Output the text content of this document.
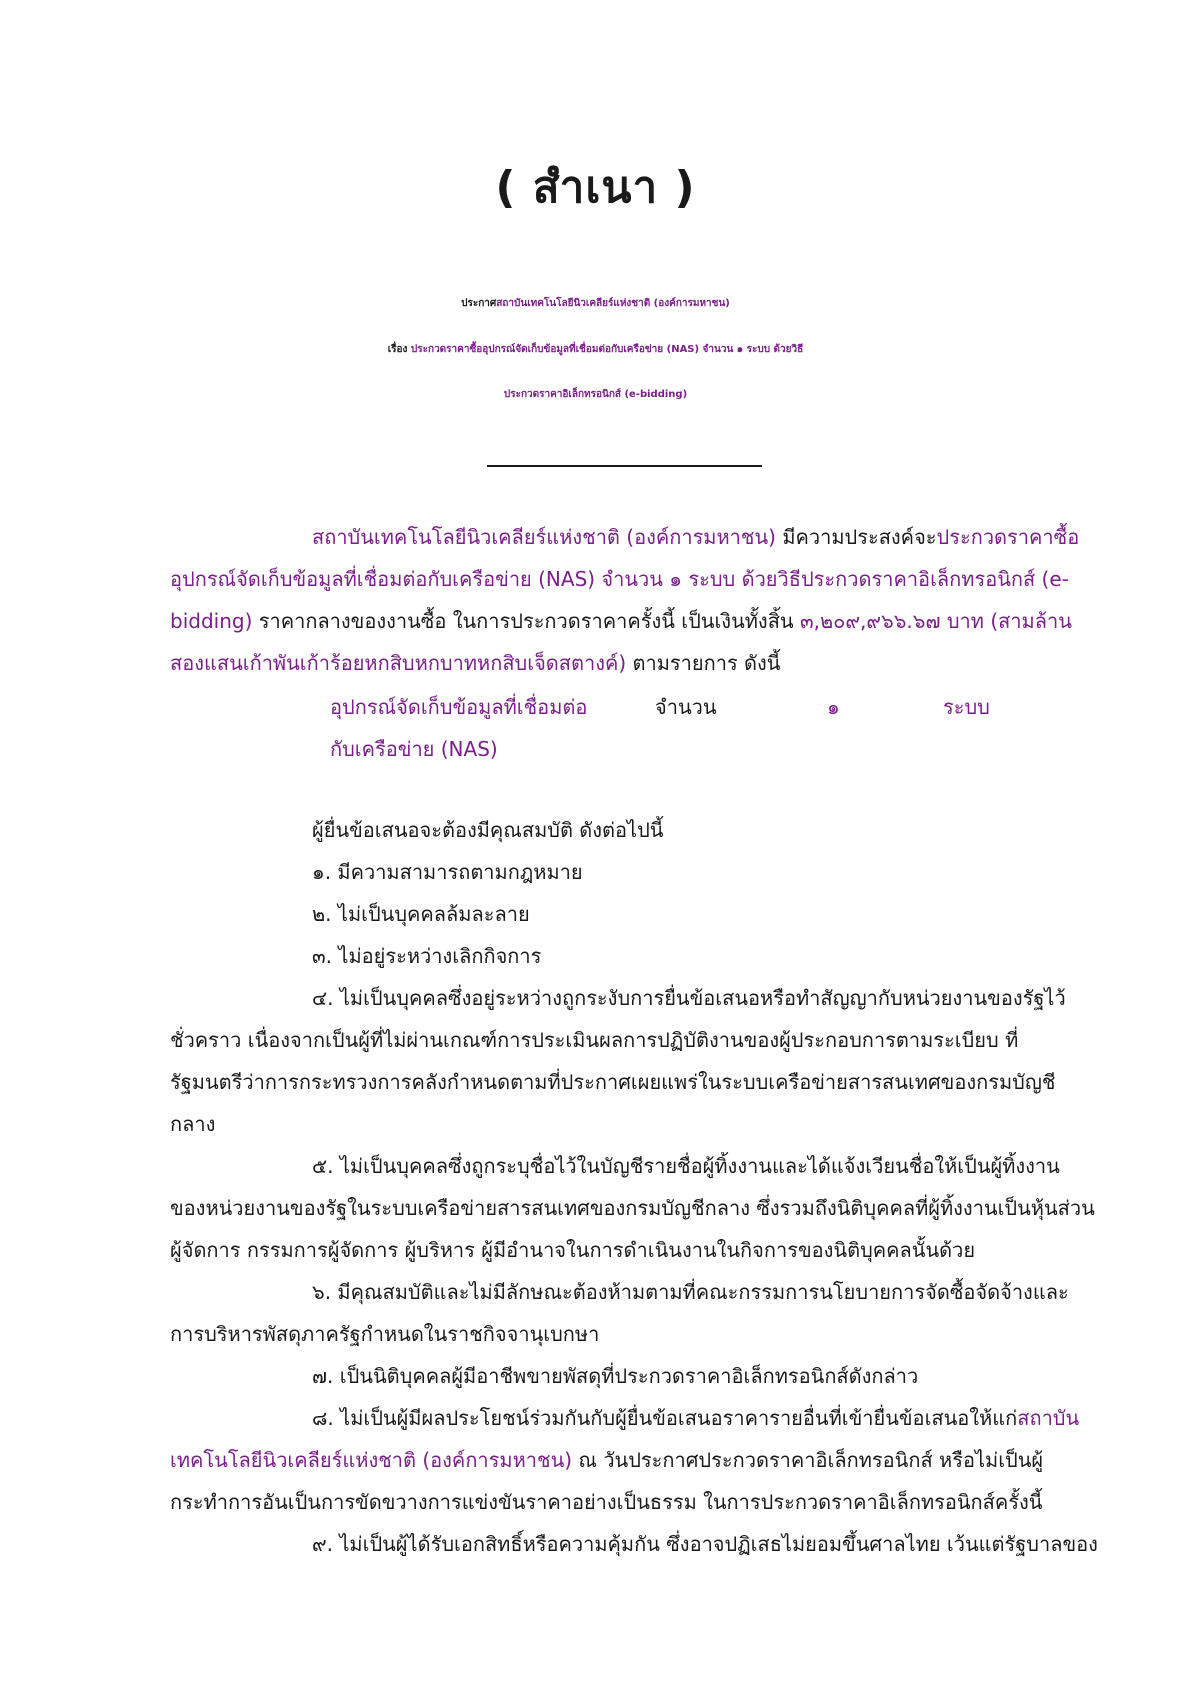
( สำเนา )
ประกาศสถาบันเทคโนโลยีนิวเคลียร์แห่งชาติ (องค์การมหาชน)
เรื่อง ประกวดราคาซื้ออุปกรณ์จัดเก็บข้อมูลที่เชื่อมต่อกับเครือข่าย (NAS) จำนวน ๑ ระบบ ด้วยวิธี
ประกวดราคาอิเล็กทรอนิกส์ (e-bidding)
สถาบันเทคโนโลยีนิวเคลียร์แห่งชาติ (องค์การมหาชน) มีความประสงค์จะประกวดราคาซื้อ
อุปกรณ์จัดเก็บข้อมูลที่เชื่อมต่อกับเครือข่าย (NAS) จำนวน ๑ ระบบ ด้วยวิธีประกวดราคาอิเล็กทรอนิกส์ (e-
bidding) ราคากลางของงานซื้อ ในการประกวดราคาครั้งนี้ เป็นเงินทั้งสิ้น ๓,๒๐๙,๙๖๖.๖๗ บาท (สามล้าน
สองแสนเก้าพันเก้าร้อยหกสิบหกบาทหกสิบเจ็ดสตางค์) ตามรายการ ดังนี้
อุปกรณ์จัดเก็บข้อมูลที่เชื่อมต่อ	จำนวน	๑	ระบบ
กับเครือข่าย (NAS)
ผู้ยื่นข้อเสนอจะต้องมีคุณสมบัติ ดังต่อไปนี้
๑. มีความสามารถตามกฎหมาย
๒. ไม่เป็นบุคคลล้มละลาย
๓. ไม่อยู่ระหว่างเลิกกิจการ
๔. ไม่เป็นบุคคลซึ่งอยู่ระหว่างถูกระงับการยื่นข้อเสนอหรือทำสัญญากับหน่วยงานของรัฐไว้
ชั่วคราว เนื่องจากเป็นผู้ที่ไม่ผ่านเกณฑ์การประเมินผลการปฏิบัติงานของผู้ประกอบการตามระเบียบ ที่
รัฐมนตรีว่าการกระทรวงการคลังกำหนดตามที่ประกาศเผยแพร่ในระบบเครือข่ายสารสนเทศของกรมบัญชี
กลาง
๕. ไม่เป็นบุคคลซึ่งถูกระบุชื่อไว้ในบัญชีรายชื่อผู้ทิ้งงานและได้แจ้งเวียนชื่อให้เป็นผู้ทิ้งงาน
ของหน่วยงานของรัฐในระบบเครือข่ายสารสนเทศของกรมบัญชีกลาง ซึ่งรวมถึงนิติบุคคลที่ผู้ทิ้งงานเป็นหุ้นส่วน
ผู้จัดการ กรรมการผู้จัดการ ผู้บริหาร ผู้มีอำนาจในการดำเนินงานในกิจการของนิติบุคคลนั้นด้วย
๖. มีคุณสมบัติและไม่มีลักษณะต้องห้ามตามที่คณะกรรมการนโยบายการจัดซื้อจัดจ้างและ
การบริหารพัสดุภาครัฐกำหนดในราชกิจจานุเบกษา
๗. เป็นนิติบุคคลผู้มีอาชีพขายพัสดุที่ประกวดราคาอิเล็กทรอนิกส์ดังกล่าว
๘. ไม่เป็นผู้มีผลประโยชน์ร่วมกันกับผู้ยื่นข้อเสนอราคารายอื่นที่เข้ายื่นข้อเสนอให้แก่สถาบัน
เทคโนโลยีนิวเคลียร์แห่งชาติ (องค์การมหาชน) ณ วันประกาศประกวดราคาอิเล็กทรอนิกส์ หรือไม่เป็นผู้
กระทำการอันเป็นการขัดขวางการแข่งขันราคาอย่างเป็นธรรม ในการประกวดราคาอิเล็กทรอนิกส์ครั้งนี้
๙. ไม่เป็นผู้ได้รับเอกสิทธิ์หรือความคุ้มกัน ซึ่งอาจปฏิเสธไม่ยอมขึ้นศาลไทย เว้นแต่รัฐบาลของ
